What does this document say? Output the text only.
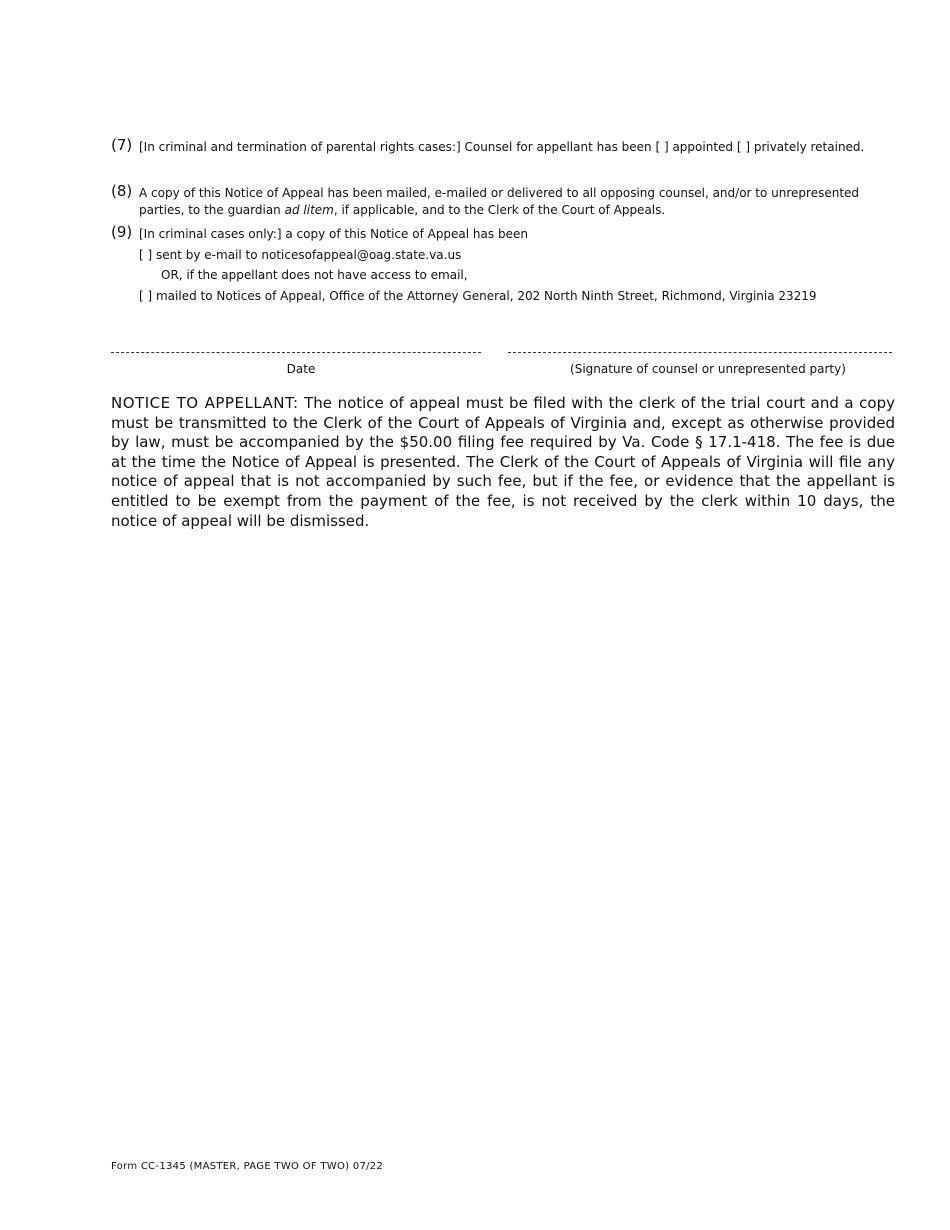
(7) [In criminal and termination of parental rights cases:] Counsel for appellant has been [ ] appointed [ ] privately retained.
(8) A copy of this Notice of Appeal has been mailed, e-mailed or delivered to all opposing counsel, and/or to unrepresented parties, to the guardian ad litem, if applicable, and to the Clerk of the Court of Appeals.
(9) [In criminal cases only:] a copy of this Notice of Appeal has been
[ ] sent by e-mail to noticesofappeal@oag.state.va.us
OR, if the appellant does not have access to email,
[ ] mailed to Notices of Appeal, Office of the Attorney General, 202 North Ninth Street, Richmond, Virginia 23219
Date	(Signature of counsel or unrepresented party)
NOTICE TO APPELLANT: The notice of appeal must be filed with the clerk of the trial court and a copy must be transmitted to the Clerk of the Court of Appeals of Virginia and, except as otherwise provided by law, must be accompanied by the $50.00 filing fee required by Va. Code § 17.1-418. The fee is due at the time the Notice of Appeal is presented. The Clerk of the Court of Appeals of Virginia will file any notice of appeal that is not accompanied by such fee, but if the fee, or evidence that the appellant is entitled to be exempt from the payment of the fee, is not received by the clerk within 10 days, the notice of appeal will be dismissed.
Form CC-1345 (MASTER, PAGE TWO OF TWO) 07/22
